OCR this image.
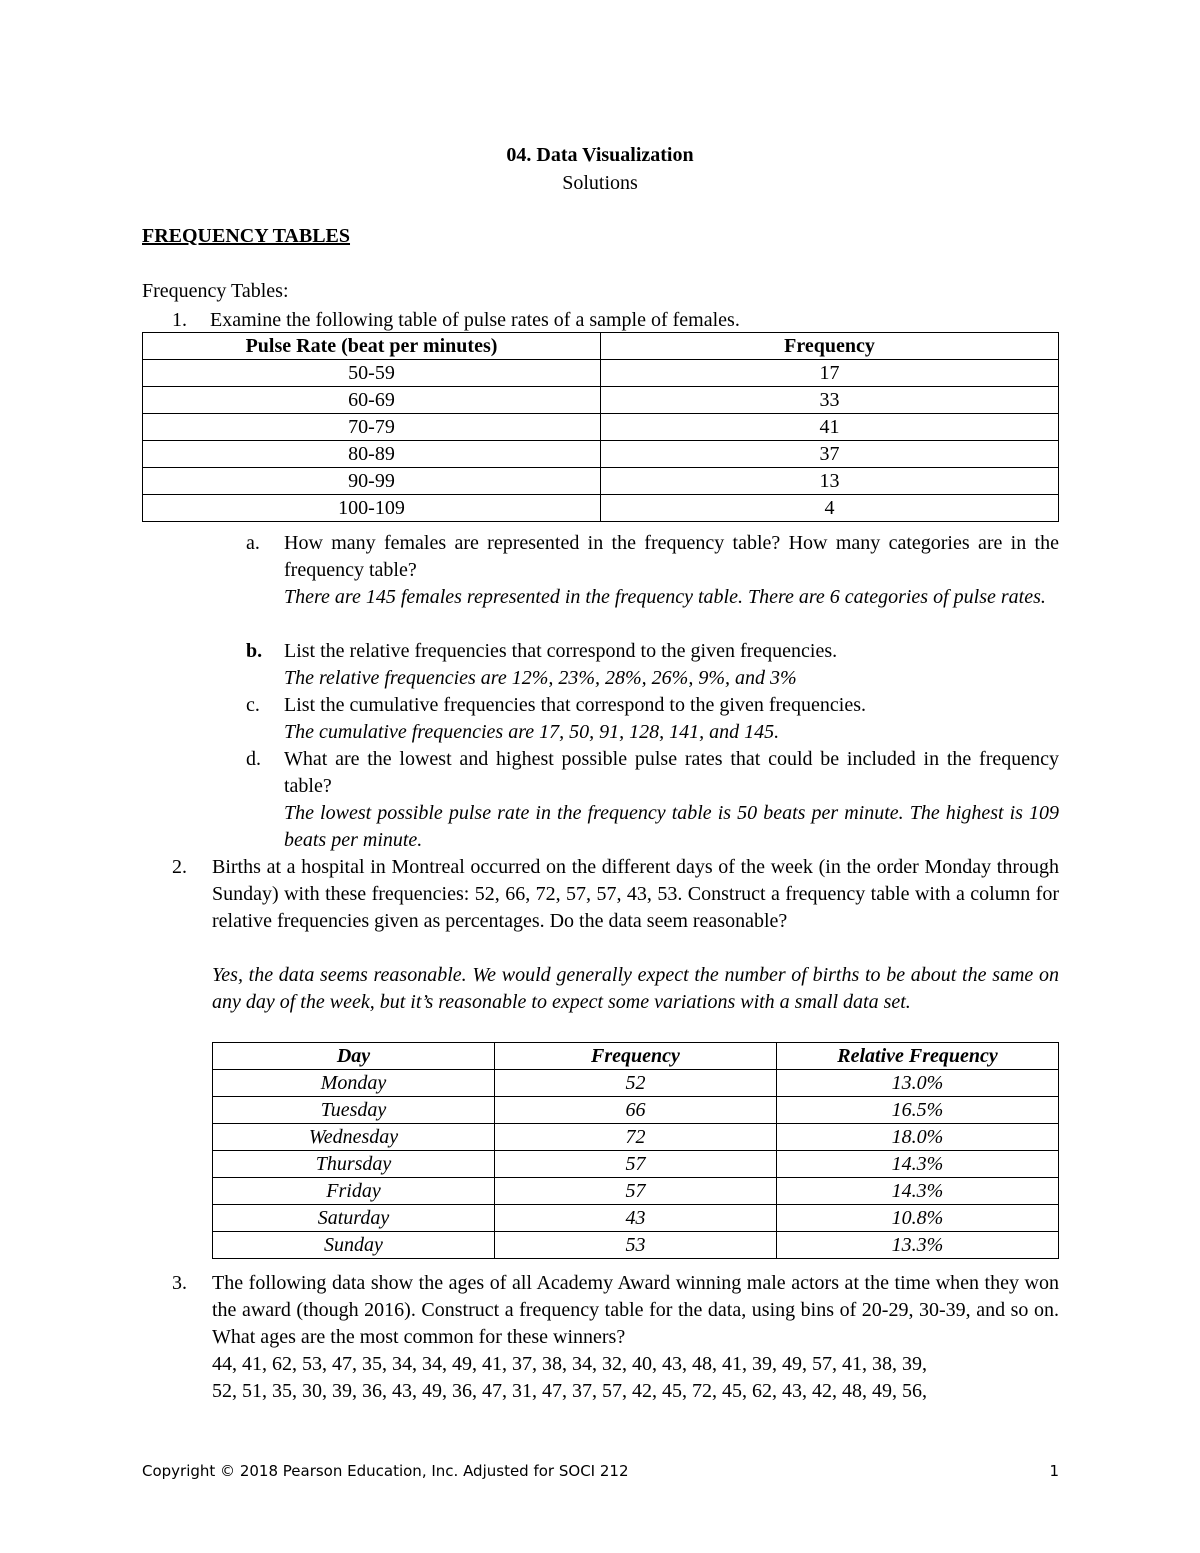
04. Data Visualization
Solutions
FREQUENCY TABLES
Frequency Tables:
1. Examine the following table of pulse rates of a sample of females.
Pulse Rate (beat per minutes)	Frequency
50-59	17
60-69	33
70-79	41
80-89	37
90-99	13
100-109	4
a. How many females are represented in the frequency table? How many categories are in the frequency table?
There are 145 females represented in the frequency table. There are 6 categories of pulse rates.
b. List the relative frequencies that correspond to the given frequencies.
The relative frequencies are 12%, 23%, 28%, 26%, 9%, and 3%
c. List the cumulative frequencies that correspond to the given frequencies.
The cumulative frequencies are 17, 50, 91, 128, 141, and 145.
d. What are the lowest and highest possible pulse rates that could be included in the frequency table?
The lowest possible pulse rate in the frequency table is 50 beats per minute. The highest is 109 beats per minute.
2. Births at a hospital in Montreal occurred on the different days of the week (in the order Monday through Sunday) with these frequencies: 52, 66, 72, 57, 57, 43, 53. Construct a frequency table with a column for relative frequencies given as percentages. Do the data seem reasonable?
Yes, the data seems reasonable. We would generally expect the number of births to be about the same on any day of the week, but it’s reasonable to expect some variations with a small data set.
Day	Frequency	Relative Frequency
Monday	52	13.0%
Tuesday	66	16.5%
Wednesday	72	18.0%
Thursday	57	14.3%
Friday	57	14.3%
Saturday	43	10.8%
Sunday	53	13.3%
3. The following data show the ages of all Academy Award winning male actors at the time when they won the award (though 2016). Construct a frequency table for the data, using bins of 20-29, 30-39, and so on. What ages are the most common for these winners?
44, 41, 62, 53, 47, 35, 34, 34, 49, 41, 37, 38, 34, 32, 40, 43, 48, 41, 39, 49, 57, 41, 38, 39,
52, 51, 35, 30, 39, 36, 43, 49, 36, 47, 31, 47, 37, 57, 42, 45, 72, 45, 62, 43, 42, 48, 49, 56,
Copyright © 2018 Pearson Education, Inc. Adjusted for SOCI 212	1
